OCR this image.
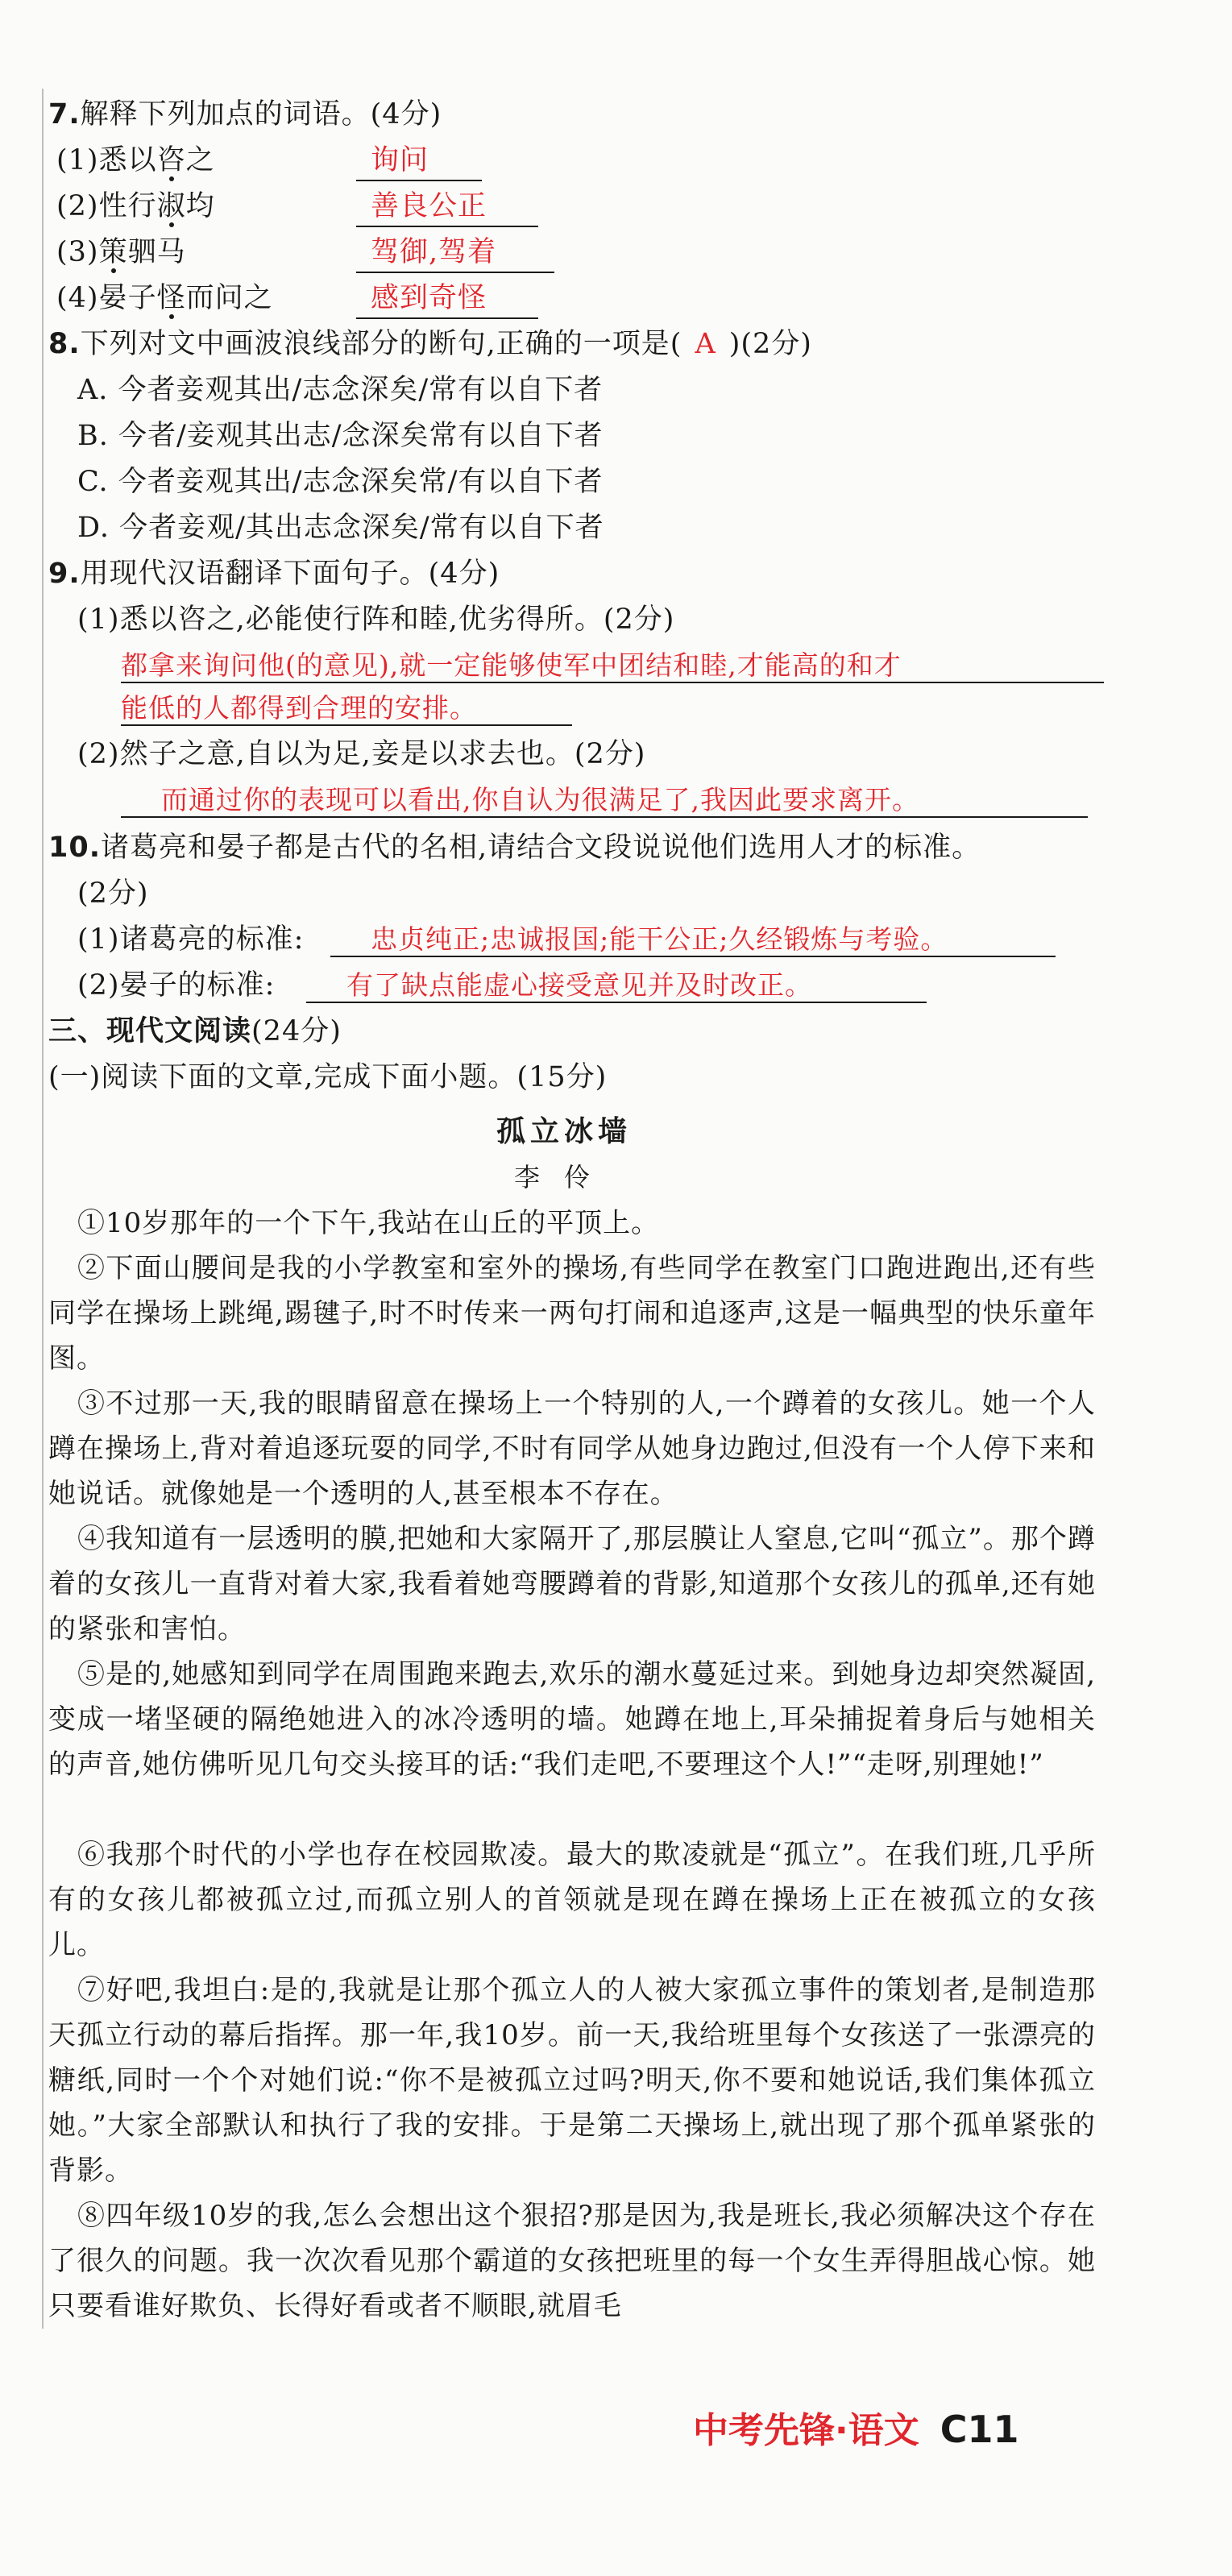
7.解释下列加点的词语。(4分)
(1)悉以咨之	询问
(2)性行淑均	善良公正
(3)策驷马	驾御,驾着
(4)晏子怪而问之	感到奇怪
8.下列对文中画波浪线部分的断句,正确的一项是( A )(2分)
A. 今者妾观其出/志念深矣/常有以自下者
B. 今者/妾观其出志/念深矣常有以自下者
C. 今者妾观其出/志念深矣常/有以自下者
D. 今者妾观/其出志念深矣/常有以自下者
9.用现代汉语翻译下面句子。(4分)
(1)悉以咨之,必能使行阵和睦,优劣得所。(2分)
都拿来询问他(的意见),就一定能够使军中团结和睦,才能高的和才
能低的人都得到合理的安排。
(2)然子之意,自以为足,妾是以求去也。(2分)
而通过你的表现可以看出,你自认为很满足了,我因此要求离开。
10.诸葛亮和晏子都是古代的名相,请结合文段说说他们选用人才的标准。
(2分)
(1)诸葛亮的标准:	忠贞纯正;忠诚报国;能干公正;久经锻炼与考验。
(2)晏子的标准:	有了缺点能虚心接受意见并及时改正。
三、现代文阅读(24分)
(一)阅读下面的文章,完成下面小题。(15分)
孤立冰墙
李伶
①10岁那年的一个下午,我站在山丘的平顶上。
②下面山腰间是我的小学教室和室外的操场,有些同学在教室门口跑进跑出,还有些同学在操场上跳绳,踢毽子,时不时传来一两句打闹和追逐声,这是一幅典型的快乐童年图。
③不过那一天,我的眼睛留意在操场上一个特别的人,一个蹲着的女孩儿。她一个人蹲在操场上,背对着追逐玩耍的同学,不时有同学从她身边跑过,但没有一个人停下来和她说话。就像她是一个透明的人,甚至根本不存在。
④我知道有一层透明的膜,把她和大家隔开了,那层膜让人窒息,它叫“孤立”。那个蹲着的女孩儿一直背对着大家,我看着她弯腰蹲着的背影,知道那个女孩儿的孤单,还有她的紧张和害怕。
⑤是的,她感知到同学在周围跑来跑去,欢乐的潮水蔓延过来。到她身边却突然凝固,变成一堵坚硬的隔绝她进入的冰冷透明的墙。她蹲在地上,耳朵捕捉着身后与她相关的声音,她仿佛听见几句交头接耳的话:“我们走吧,不要理这个人!”“走呀,别理她!”
⑥我那个时代的小学也存在校园欺凌。最大的欺凌就是“孤立”。在我们班,几乎所有的女孩儿都被孤立过,而孤立别人的首领就是现在蹲在操场上正在被孤立的女孩儿。
⑦好吧,我坦白:是的,我就是让那个孤立人的人被大家孤立事件的策划者,是制造那天孤立行动的幕后指挥。那一年,我10岁。前一天,我给班里每个女孩送了一张漂亮的糖纸,同时一个个对她们说:“你不是被孤立过吗?明天,你不要和她说话,我们集体孤立她。”大家全部默认和执行了我的安排。于是第二天操场上,就出现了那个孤单紧张的背影。
⑧四年级10岁的我,怎么会想出这个狠招?那是因为,我是班长,我必须解决这个存在了很久的问题。我一次次看见那个霸道的女孩把班里的每一个女生弄得胆战心惊。她只要看谁好欺负、长得好看或者不顺眼,就眉毛
中考先锋·语文 C11
